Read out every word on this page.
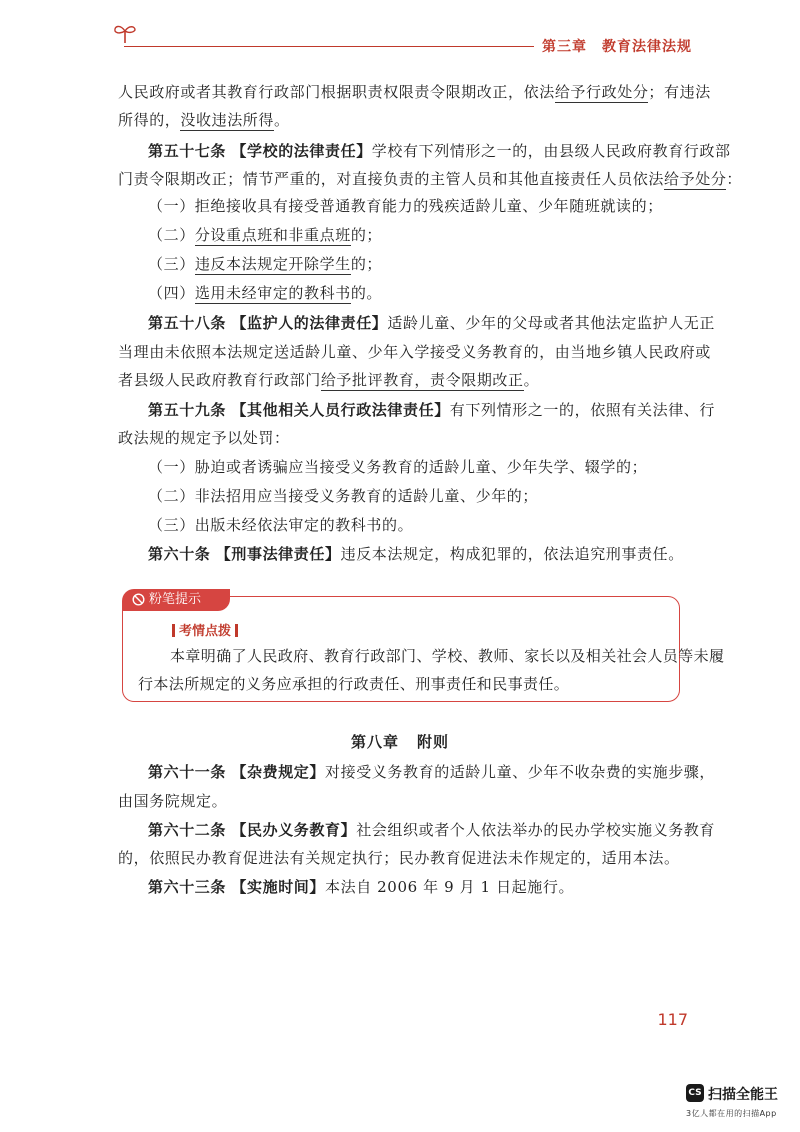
第三章　教育法律法规
人民政府或者其教育行政部门根据职责权限责令限期改正，依法给予行政处分；有违法
所得的，没收违法所得。
第五十七条 【学校的法律责任】学校有下列情形之一的，由县级人民政府教育行政部
门责令限期改正；情节严重的，对直接负责的主管人员和其他直接责任人员依法给予处分：
（一）拒绝接收具有接受普通教育能力的残疾适龄儿童、少年随班就读的；
（二）分设重点班和非重点班的；
（三）违反本法规定开除学生的；
（四）选用未经审定的教科书的。
第五十八条 【监护人的法律责任】适龄儿童、少年的父母或者其他法定监护人无正
当理由未依照本法规定送适龄儿童、少年入学接受义务教育的，由当地乡镇人民政府或
者县级人民政府教育行政部门给予批评教育，责令限期改正。
第五十九条 【其他相关人员行政法律责任】有下列情形之一的，依照有关法律、行
政法规的规定予以处罚：
（一）胁迫或者诱骗应当接受义务教育的适龄儿童、少年失学、辍学的；
（二）非法招用应当接受义务教育的适龄儿童、少年的；
（三）出版未经依法审定的教科书的。
第六十条 【刑事法律责任】违反本法规定，构成犯罪的，依法追究刑事责任。
粉笔提示
考情点拨
本章明确了人民政府、教育行政部门、学校、教师、家长以及相关社会人员等未履
行本法所规定的义务应承担的行政责任、刑事责任和民事责任。
第八章 附则
第六十一条 【杂费规定】对接受义务教育的适龄儿童、少年不收杂费的实施步骤，
由国务院规定。
第六十二条 【民办义务教育】社会组织或者个人依法举办的民办学校实施义务教育
的，依照民办教育促进法有关规定执行；民办教育促进法未作规定的，适用本法。
第六十三条 【实施时间】本法自 2006 年 9 月 1 日起施行。
117
CS 扫描全能王
3亿人都在用的扫描App
